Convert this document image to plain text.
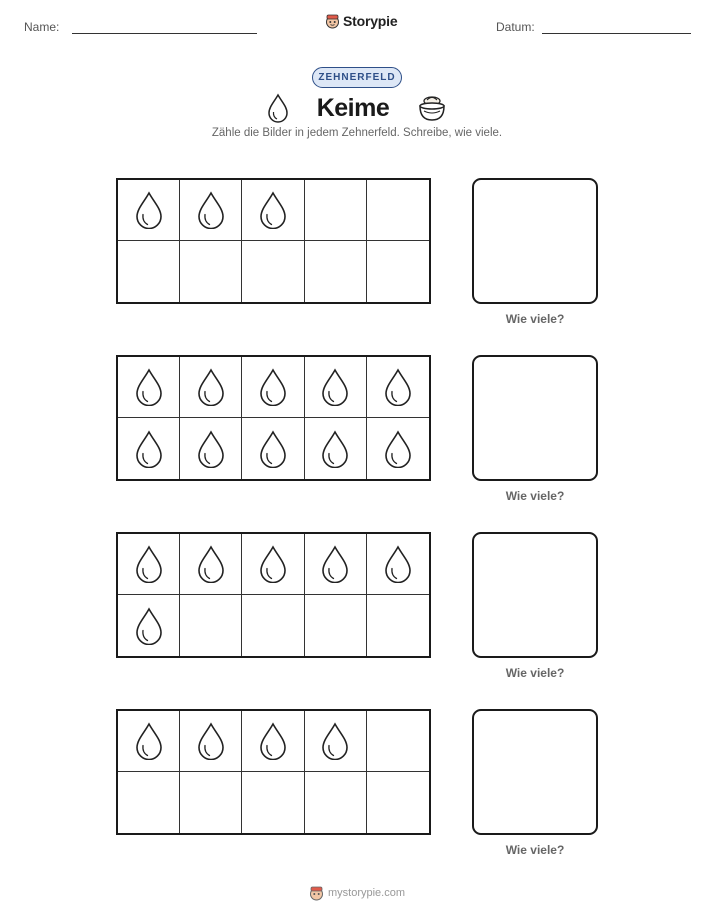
Name:	Storypie	Datum:
ZEHNERFELD
Keime
Zähle die Bilder in jedem Zehnerfeld. Schreibe, wie viele.
Wie viele?
Wie viele?
Wie viele?
Wie viele?
mystorypie.com
